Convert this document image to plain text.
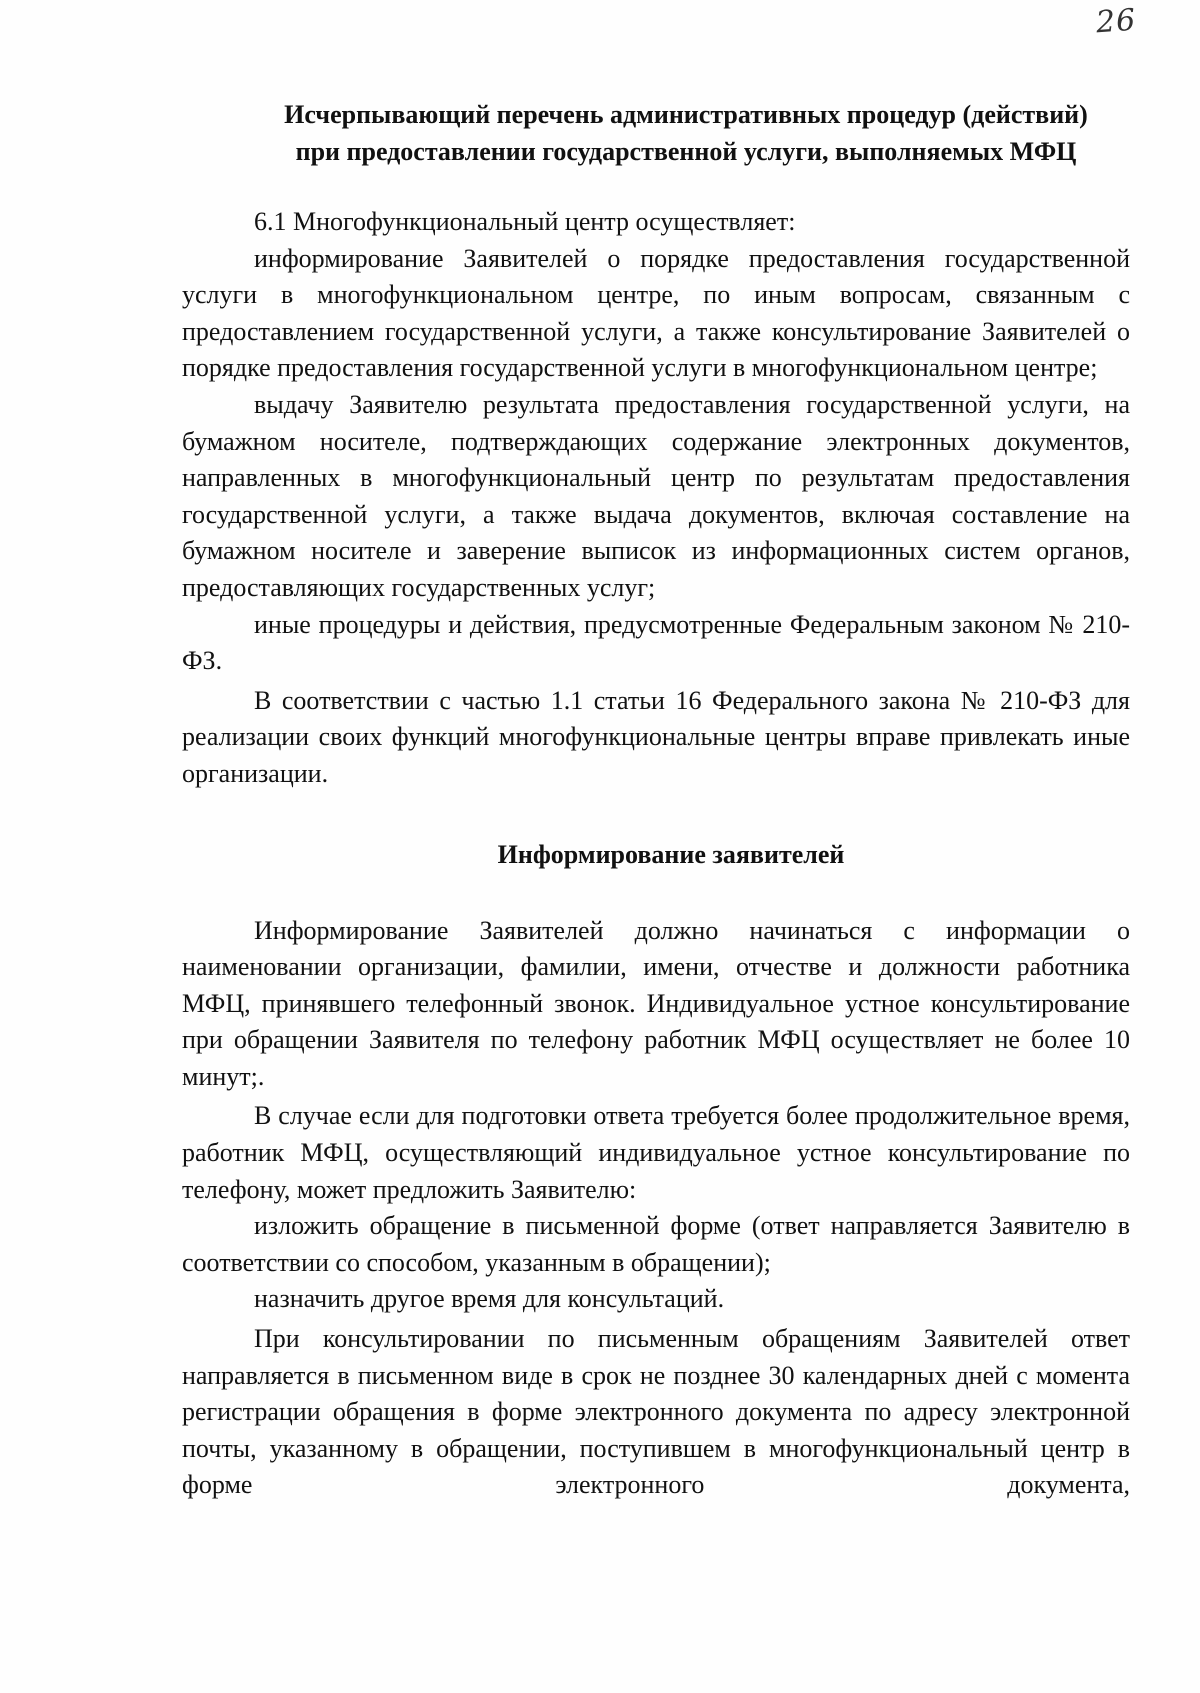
26
Исчерпывающий перечень административных процедур (действий)
при предоставлении государственной услуги, выполняемых МФЦ

6.1 Многофункциональный центр осуществляет:

информирование Заявителей о порядке предоставления государственной услуги в многофункциональном центре, по иным вопросам, связанным с предоставлением государственной услуги, а также консультирование Заявителей о порядке предоставления государственной услуги в многофункциональном центре;

выдачу Заявителю результата предоставления государственной услуги, на бумажном носителе, подтверждающих содержание электронных документов, направленных в многофункциональный центр по результатам предоставления государственной услуги, а также выдача документов, включая составление на бумажном носителе и заверение выписок из информационных систем органов, предоставляющих государственных услуг;

иные процедуры и действия, предусмотренные Федеральным законом № 210-ФЗ.

В соответствии с частью 1.1 статьи 16 Федерального закона № 210-ФЗ для реализации своих функций многофункциональные центры вправе привлекать иные организации.

Информирование заявителей

Информирование Заявителей должно начинаться с информации о наименовании организации, фамилии, имени, отчестве и должности работника МФЦ, принявшего телефонный звонок. Индивидуальное устное консультирование при обращении Заявителя по телефону работник МФЦ осуществляет не более 10 минут;.

В случае если для подготовки ответа требуется более продолжительное время, работник МФЦ, осуществляющий индивидуальное устное консультирование по телефону, может предложить Заявителю:

изложить обращение в письменной форме (ответ направляется Заявителю в соответствии со способом, указанным в обращении);

назначить другое время для консультаций.

При консультировании по письменным обращениям Заявителей ответ направляется в письменном виде в срок не позднее 30 календарных дней с момента регистрации обращения в форме электронного документа по адресу электронной почты, указанному в обращении, поступившем в многофункциональный центр в форме электронного документа,
